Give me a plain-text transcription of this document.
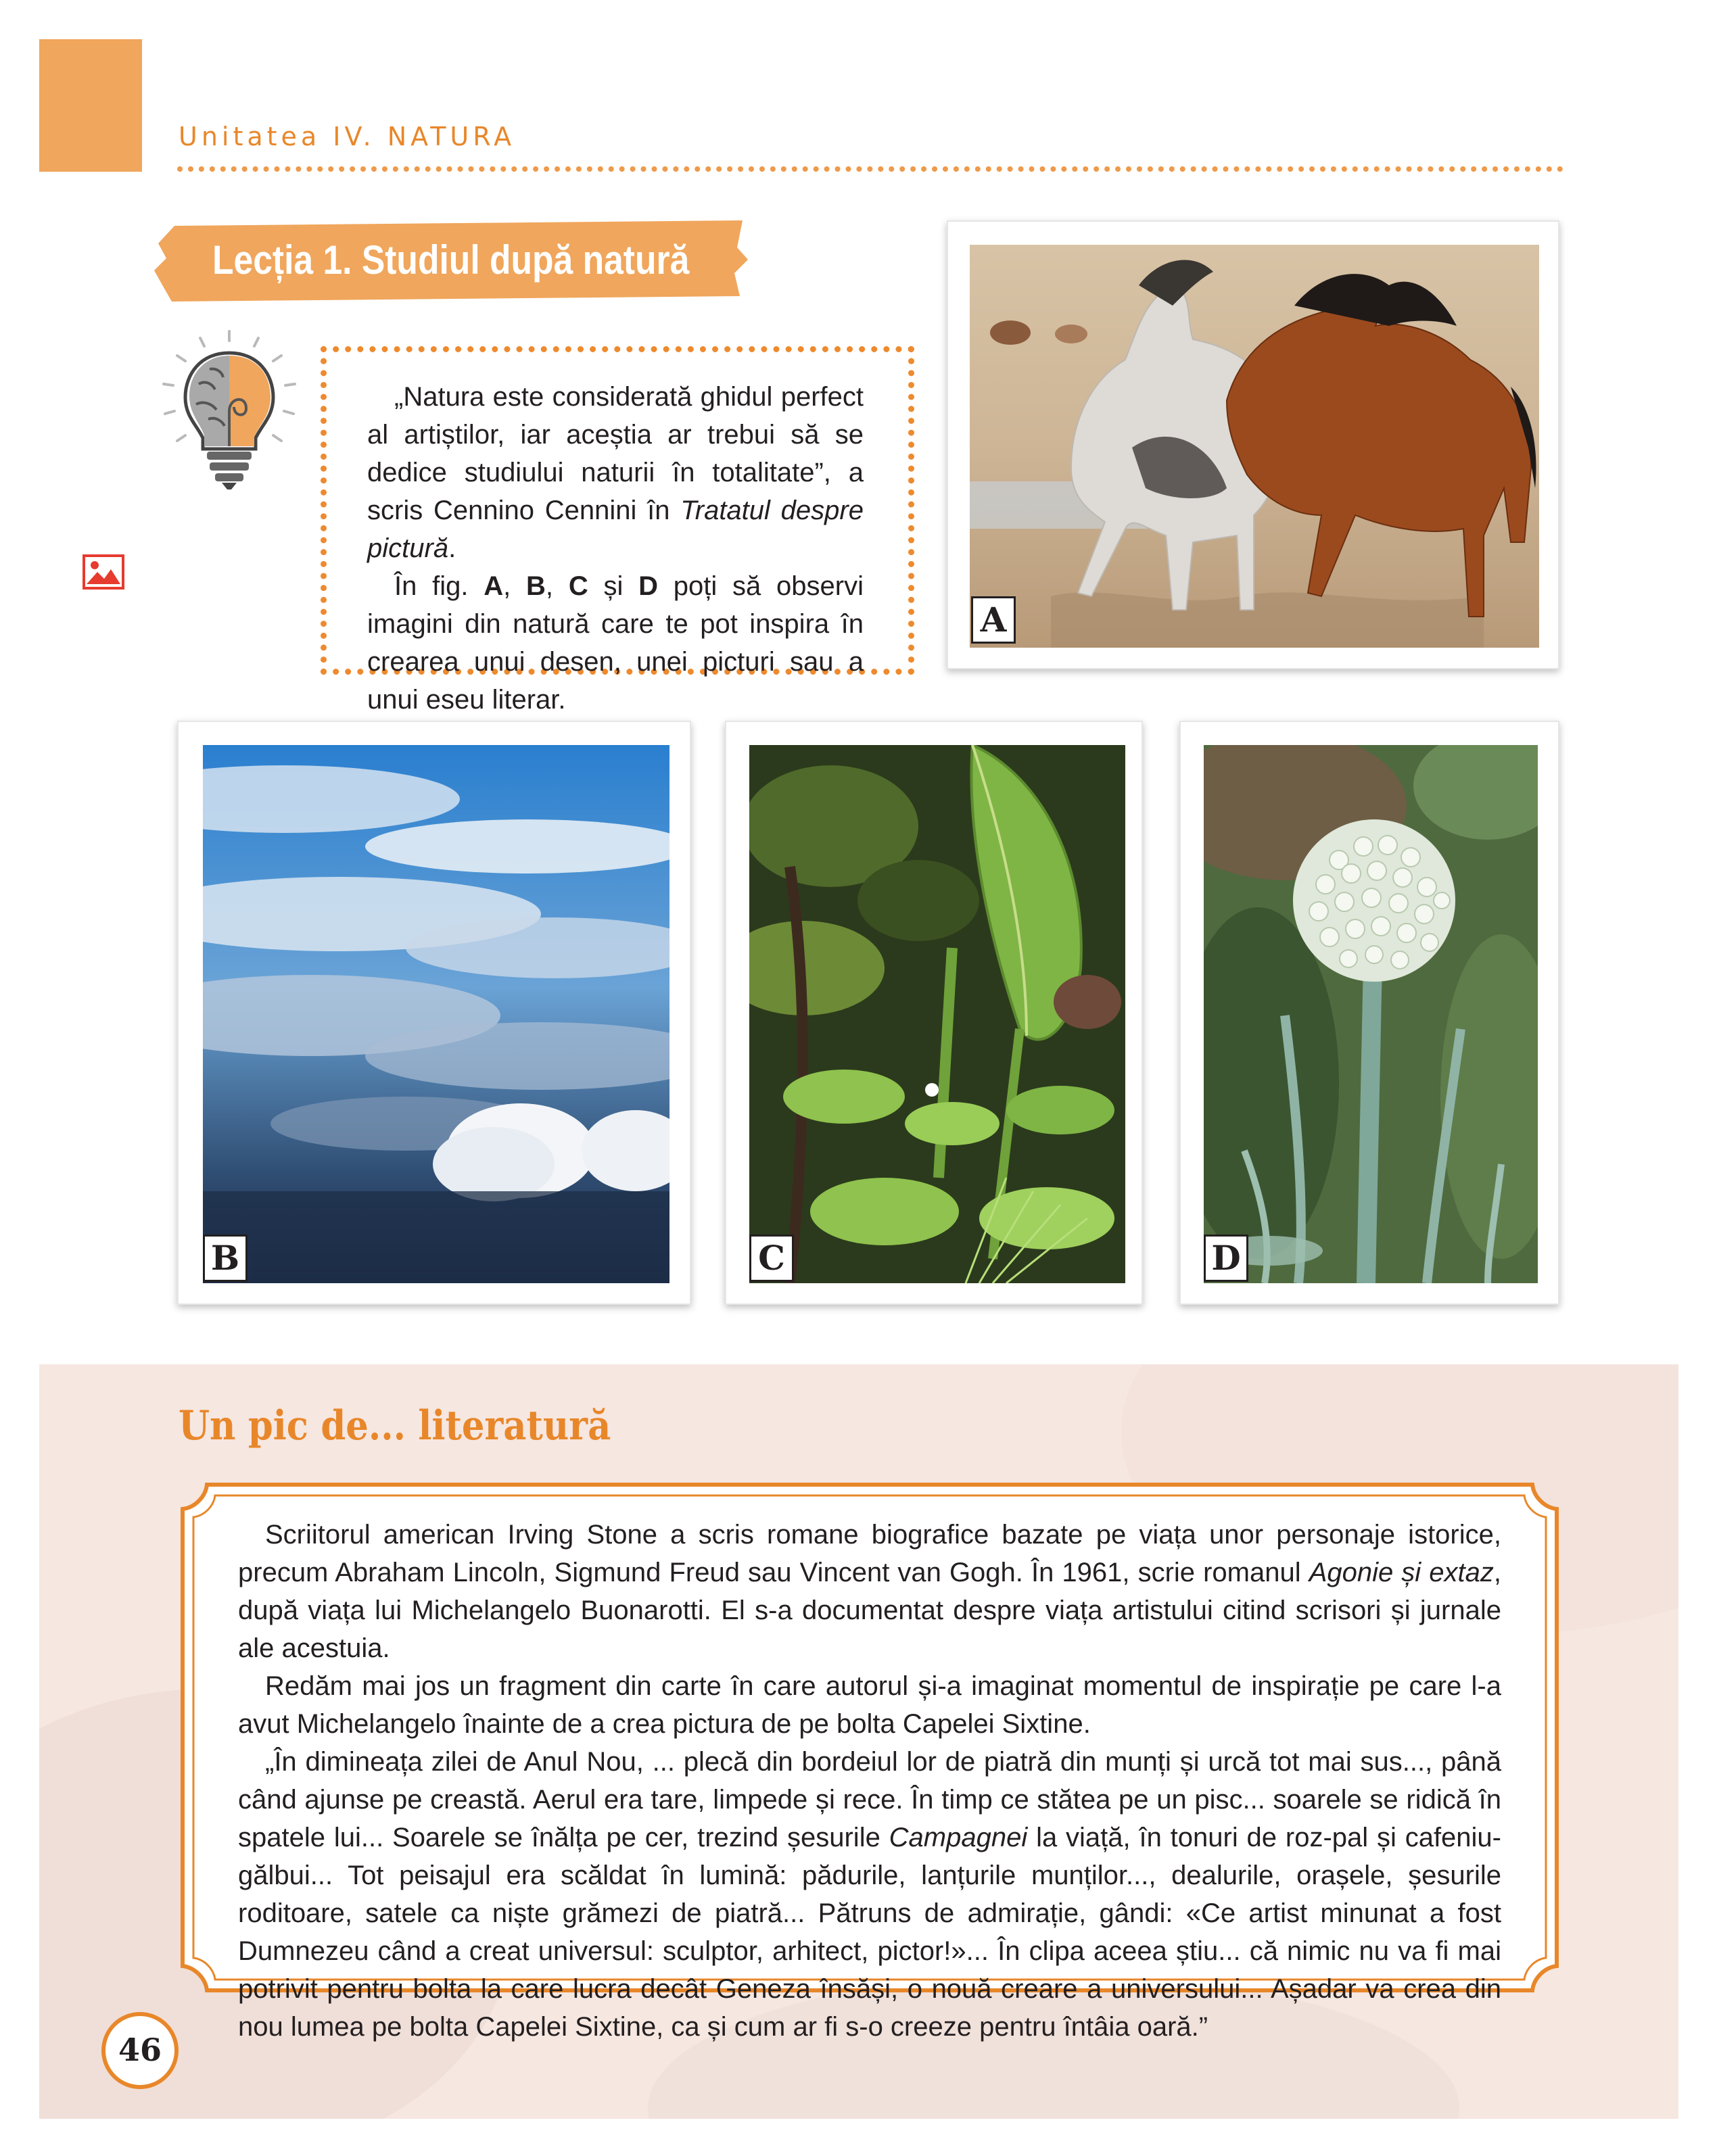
Unitatea IV. NATURA
Lecția 1. Studiul după natură

„Natura este considerată ghidul perfect al artiștilor, iar aceștia ar trebui să se dedice studiului naturii în totalitate”, a scris Cennino Cennini în Tratatul despre pictură.

În fig. A, B, C și D poți să observi imagini din natură care te pot inspira în crearea unui desen, unei picturi sau a unui eseu literar.

A
B	C	D
Un pic de... literatură

Scriitorul american Irving Stone a scris romane biografice bazate pe viața unor personaje istorice, precum Abraham Lincoln, Sigmund Freud sau Vincent van Gogh. În 1961, scrie romanul Agonie și extaz, după viața lui Michelangelo Buonarotti. El s-a documentat despre viața artistului citind scrisori și jurnale ale acestuia.

Redăm mai jos un fragment din carte în care autorul și-a imaginat momentul de inspirație pe care l-a avut Michelangelo înainte de a crea pictura de pe bolta Capelei Sixtine.

„În dimineața zilei de Anul Nou, ... plecă din bordeiul lor de piatră din munți și urcă tot mai sus..., până când ajunse pe creastă. Aerul era tare, limpede și rece. În timp ce stătea pe un pisc... soarele se ridică în spatele lui... Soarele se înălța pe cer, trezind șesurile Campagnei la viață, în tonuri de roz-pal și cafeniu-gălbui... Tot peisajul era scăldat în lumină: pădurile, lanțurile munților..., dealurile, orașele, șesurile roditoare, satele ca niște grămezi de piatră... Pătruns de admirație, gândi: «Ce artist minunat a fost Dumnezeu când a creat universul: sculptor, arhitect, pictor!»... În clipa aceea știu... că nimic nu va fi mai potrivit pentru bolta la care lucra decât Geneza însăși, o nouă creare a universului... Așadar va crea din nou lumea pe bolta Capelei Sixtine, ca și cum ar fi s-o creeze pentru întâia oară.”

46
